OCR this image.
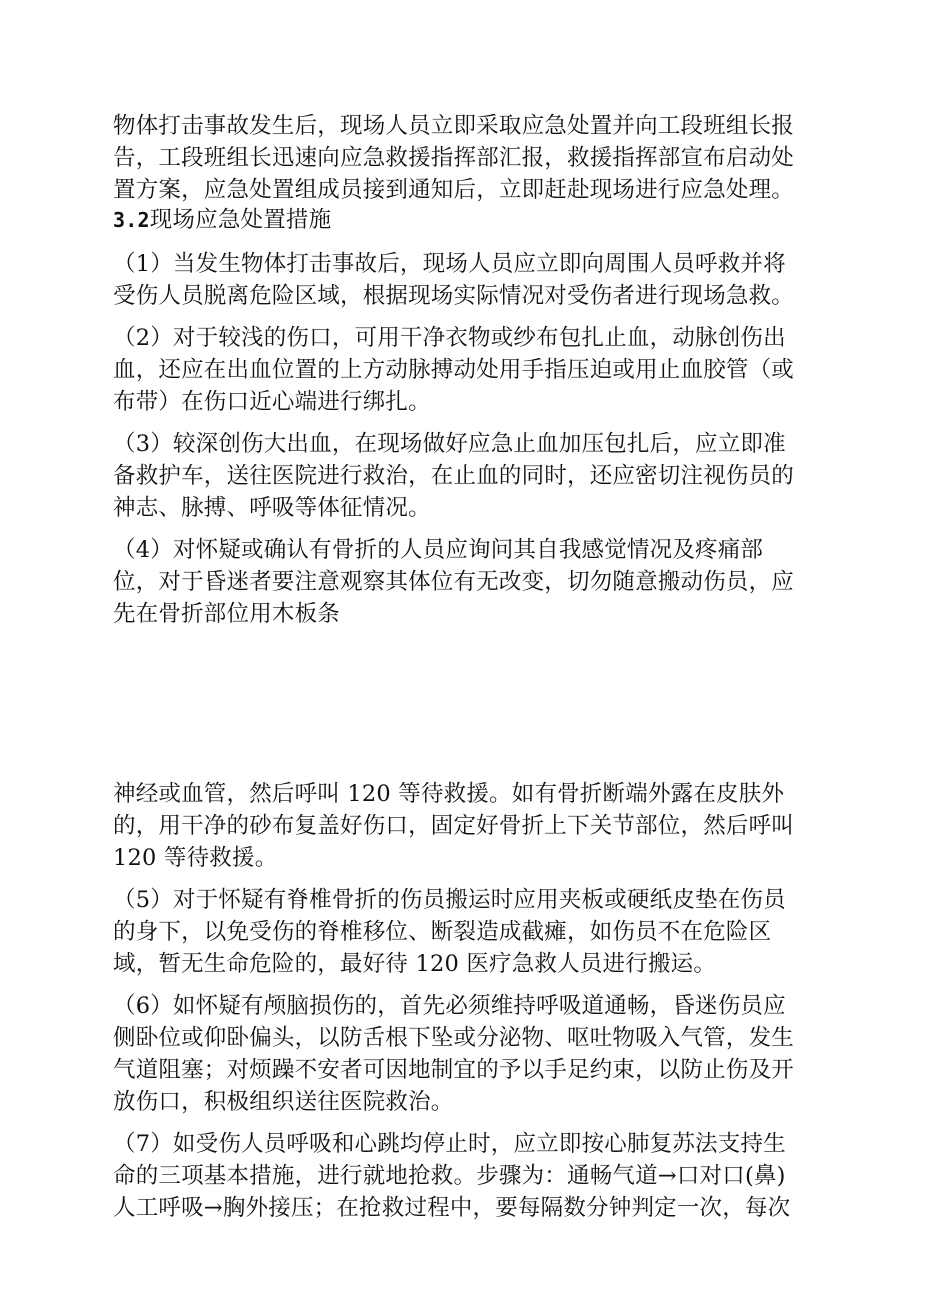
物体打击事故发生后，现场人员立即采取应急处置并向工段班组长报
告，工段班组长迅速向应急救援指挥部汇报，救援指挥部宣布启动处
置方案，应急处置组成员接到通知后，立即赶赴现场进行应急处理。
3.2现场应急处置措施
（1）当发生物体打击事故后，现场人员应立即向周围人员呼救并将
受伤人员脱离危险区域，根据现场实际情况对受伤者进行现场急救。
（2）对于较浅的伤口，可用干净衣物或纱布包扎止血，动脉创伤出
血，还应在出血位置的上方动脉搏动处用手指压迫或用止血胶管（或
布带）在伤口近心端进行绑扎。
（3）较深创伤大出血，在现场做好应急止血加压包扎后，应立即准
备救护车，送往医院进行救治，在止血的同时，还应密切注视伤员的
神志、脉搏、呼吸等体征情况。
（4）对怀疑或确认有骨折的人员应询问其自我感觉情况及疼痛部
位，对于昏迷者要注意观察其体位有无改变，切勿随意搬动伤员，应
先在骨折部位用木板条
神经或血管，然后呼叫 120 等待救援。如有骨折断端外露在皮肤外
的，用干净的砂布复盖好伤口，固定好骨折上下关节部位，然后呼叫
120 等待救援。
（5）对于怀疑有脊椎骨折的伤员搬运时应用夹板或硬纸皮垫在伤员
的身下，以免受伤的脊椎移位、断裂造成截瘫，如伤员不在危险区
域，暂无生命危险的，最好待 120 医疗急救人员进行搬运。
（6）如怀疑有颅脑损伤的，首先必须维持呼吸道通畅，昏迷伤员应
侧卧位或仰卧偏头，以防舌根下坠或分泌物、呕吐物吸入气管，发生
气道阻塞；对烦躁不安者可因地制宜的予以手足约束，以防止伤及开
放伤口，积极组织送往医院救治。
（7）如受伤人员呼吸和心跳均停止时，应立即按心肺复苏法支持生
命的三项基本措施，进行就地抢救。步骤为：通畅气道→口对口(鼻)
人工呼吸→胸外接压；在抢救过程中，要每隔数分钟判定一次，每次
